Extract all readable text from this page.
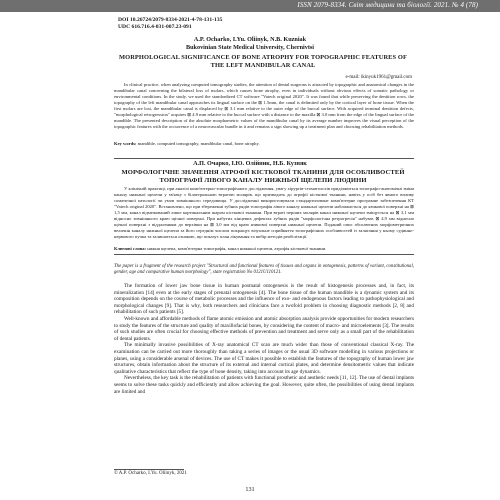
ISSN 2079-8334. Світ медицини та біології. 2021. № 4 (78)
DOI 10.26724/2079-8334-2021-4-78-131-135
UDC 616.716.4-031-007.23-091
A.P. Ocharko, I.Yu. Oliinyk, N.B. Kuzniak
Bukovinian State Medical University, Chernivtsi
MORPHOLOGICAL SIGNIFICANCE OF BONE ATROPHY FOR TOPOGRAPHIC FEATURES OF THE LEFT MANDIBULAR CANAL
e-mail: ikinyuk1961@gmail.com

In clinical practice, when analyzing computed tomography studies, the attention of dental surgeons is attracted by topographic and anatomical changes in the mandibular canal concerning the bilateral loss of molars, which causes bone atrophy, even in individuals without obvious effects of somatic pathology or environmental conditions. In the study, we used the standardized CT software "Vatech original 2020". It was found that while preserving the dentition rows, the topography of the left mandibular canal approaches its lingual surface on the ⊠ 1.5mm, the canal is delimited only by the cortical layer of bone tissue. When the first molars are lost, the mandibular canal is displaced by ⊠ 3.1 mm relative to the outer edge of the buccal surface. With acquired terminal dentition defects, "morphological retrogression" acquires ⊠ 4.9 mm relative to the buccal surface with a distance to the maxilla ⊠ 3.0 mm from the edge of the lingual surface of the mandible. The presented description of the absolute morphometric values of the mandibular canal by its average number improves the visual perception of the topographic features with the occurrence of a neurovascular bundle in it and remains a sign showing up a treatment plan and choosing rehabilitation methods.

Key words: mandible, computed tomography, mandibular canal, bone atrophy.
А.П. Очарко, І.Ю. Олійник, Н.Б. Кузняк
МОРФОЛОГІЧНЕ ЗНАЧЕННЯ АТРОФІЇ КІСТКОВОЇ ТКАНИНИ ДЛЯ ОСОБЛИВОСТЕЙ ТОПОГРАФІЇ ЛІВОГО КАНАЛУ НИЖНЬОЇ ЩЕЛЕПИ ЛЮДИНИ

У клінічній практиці, при аналізі комп'ютерно-томографічного дослідження, увагу хірургів-стоматологів приділяються топографо-анатомічні зміни каналу нижньої щелепи у зв'язку з білатеральною втратою молярів, що призводить до атрофії кісткової тканини, навіть у осіб без явного впливу соматичної патології чи умов зовнішнього середовища. У дослідженні використовували стандартизоване комп'ютерне програмне забезпечення КТ "Vatech original 2020". Встановлено, що при збереженні зубних рядів топографія лівого каналу нижньої щелепи наближається до язикової поверхні на ⊠ 1,5 мм, канал відмежований лише кортикальним шаром кісткової тканини. При втраті перших молярів канал нижньої щелепи зміщується на ⊠ 3,1 мм відносно зовнішнього краю щічної поверхні. При набутих кінцевих дефектах зубних рядів "морфологічна ретрогресія" набуває ⊠ 4,9 мм відносно щічної поверхні з віддаленням до верхівки на ⊠ 3,0 мм від краю язикової поверхні нижньої щелепи. Поданий опис абсолютних морфометричних величин каналу нижньої щелепи за його середнім числом покращує візуальне сприйняття топографічних особливостей із залягання у ньому судинно-нервового пучка та залишається ознакою, що показує план лікування та вибір методів реабілітації.

Ключові слова: нижня щелепа, комп'ютерна томографія, канал нижньої щелепи, атрофія кісткової тканини.
The paper is a fragment of the research project "Structural and functional features of tissues and organs in ontogenesis, patterns of variant, constitutional, gender, age and comparative human morphology", state registration No 0121U110121.

The formation of lower jaw bone tissue in human postnatal ontogenesis is the result of histogenesis processes and, in fact, its mineralization [14] even at the early stages of prenatal ontogenesis [4]. The bone tissue of the human mandible is a dynamic system and its composition depends on the course of metabolic processes and the influence of exo- and endogenous factors leading to pathophysiological and morphological changes [9]. That is why, both researchers and clinicians face a twofold problem in choosing diagnostic methods [2, 8] and rehabilitation of such patients [5].

Well-known and affordable methods of flame atomic emission and atomic absorption analysis provide opportunities for modern researchers to study the features of the structure and quality of maxillofacial bones, by considering the content of macro- and microelements [3]. The results of such studies are often crucial for choosing effective methods of prevention and treatment and serve only as a small part of the rehabilitation of dental patients.

The minimally invasive possibilities of X-ray anatomical CT scan are much wider than those of conventional classical X-ray. The examination can be carried out more thoroughly than taking a series of images or the usual 3D software modelling in various projections or planes, using a considerable arsenal of devices. The use of CT makes it possible to establish the features of the topography of human lower jaw structures, obtain information about the structure of its external and internal cortical plates, and determine densitometric values that indicate qualitative characteristics that reflect the type of bone density, taking into account its age dynamics.

Nevertheless, the key task is the rehabilitation of patients with functional prosthetic and aesthetic needs [11, 12]. The use of dental implants seems to solve these tasks quickly and efficiently and allow achieving the goal. However, quite often, the possibilities of using dental implants are limited and

© A.P. Ocharko, I.Yu. Oliinyk, 2021
131
